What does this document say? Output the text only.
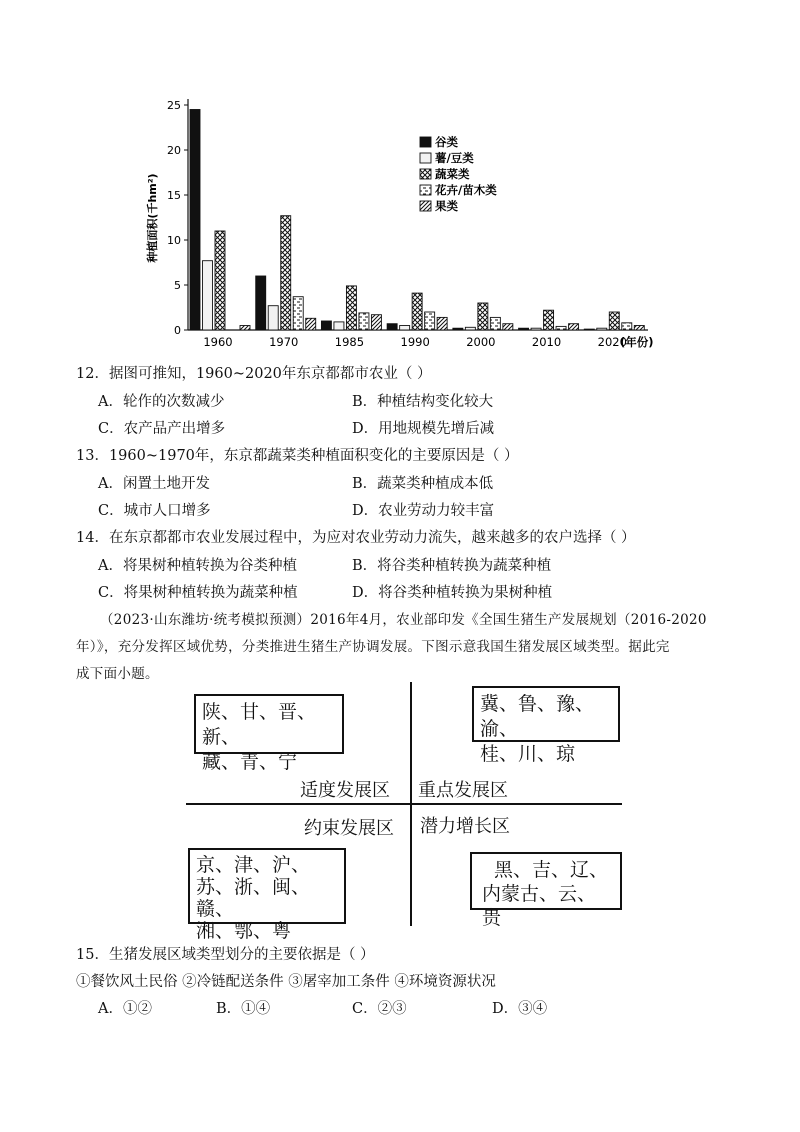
0
5
10
15
20
25
1960	1970	1985	1990	2000	2010	2020
(年份)
谷类
薯/豆类
蔬菜类
花卉/苗木类
果类
种植面积(千hm²)
12．据图可推知，1960~2020年东京都都市农业（ ）
A．轮作的次数减少	B．种植结构变化较大
C．农产品产出增多	D．用地规模先增后减
13．1960~1970年，东京都蔬菜类种植面积变化的主要原因是（ ）
A．闲置土地开发	B．蔬菜类种植成本低
C．城市人口增多	D．农业劳动力较丰富
14．在东京都都市农业发展过程中，为应对农业劳动力流失，越来越多的农户选择（ ）
A．将果树种植转换为谷类种植	B．将谷类种植转换为蔬菜种植
C．将果树种植转换为蔬菜种植	D．将谷类种植转换为果树种植
（2023·山东潍坊·统考模拟预测）2016年4月，农业部印发《全国生猪生产发展规划（2016-2020
年）》，充分发挥区域优势，分类推进生猪生产协调发展。下图示意我国生猪发展区域类型。据此完
成下面小题。
陕、甘、晋、新、
藏、青、宁
冀、鲁、豫、渝、
桂、川、琼
适度发展区 重点发展区
约束发展区 潜力增长区
京、津、沪、
苏、浙、闽、赣、
湘、鄂、粤
黑、吉、辽、
内蒙古、云、贵
15．生猪发展区域类型划分的主要依据是（ ）
①餐饮风土民俗 ②冷链配送条件 ③屠宰加工条件 ④环境资源状况
A．①②	B．①④	C．②③	D．③④
